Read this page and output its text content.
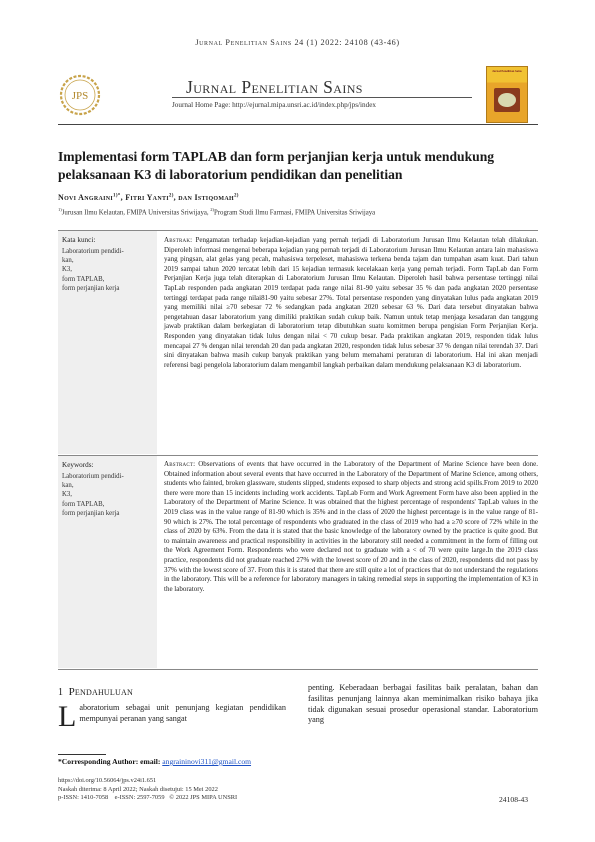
Jurnal Penelitian Sains 24 (1) 2022: 24108 (43-46)
JPS	Jurnal Penelitian Sains
Journal Home Page: http://ejurnal.mipa.unsri.ac.id/index.php/jps/index
Jurnal Penelitian Sains
Implementasi form TAPLAB dan form perjanjian kerja untuk mendukung
pelaksanaan K3 di laboratorium pendidikan dan penelitian
Novi Angraini$^{1)*}$, Fitri Yanti$^{2)}$, dan Istiqomah$^{2)}$
$^{1)}$Jurusan Ilmu Kelautan, FMIPA Universitas Sriwijaya, $^{2)}$Program Studi Ilmu Farmasi, FMIPA Universitas Sriwijaya
Kata kunci:
Laboratorium pendidi-
kan,
K3,
form TAPLAB,
form perjanjian kerja
Abstrak: Pengamatan terhadap kejadian-kejadian yang pernah terjadi di Laboratorium Jurusan Ilmu Kelautan telah dilakukan. Diperoleh informasi mengenai beberapa kejadian yang pernah terjadi di Laboratorium Jurusan Ilmu Kelautan antara lain mahasiswa yang pingsan, alat gelas yang pecah, mahasiswa terpeleset, mahasiswa terkena benda tajam dan tumpahan asam kuat. Dari tahun 2019 sampai tahun 2020 tercatat lebih dari 15 kejadian termasuk kecelakaan kerja yang pernah terjadi. Form TapLab dan Form Perjanjian Kerja juga telah diterapkan di Laboratorium Jurusan Ilmu Kelautan. Diperoleh hasil bahwa persentase tertinggi nilai TapLab responden pada angkatan 2019 terdapat pada range nilai 81-90 yaitu sebesar 35 % dan pada angkatan 2020 persentase tertinggi terdapat pada range nilai81-90 yaitu sebesar 27%. Total persentase responden yang dinyatakan lulus pada angkatan 2019 yang memiliki nilai ≥70 sebesar 72 % sedangkan pada angkatan 2020 sebesar 63 %. Dari data tersebut dinyatakan bahwa pengetahuan dasar laboratorium yang dimiliki praktikan sudah cukup baik. Namun untuk tetap menjaga kesadaran dan tanggung jawab praktikan dalam berkegiatan di laboratorium tetap dibutuhkan suatu komitmen berupa pengisian Form Perjanjian Kerja. Responden yang dinyatakan tidak lulus dengan nilai < 70 cukup besar. Pada praktikan angkatan 2019, responden tidak lulus mencapai 27 % dengan nilai terendah 20 dan pada angkatan 2020, responden tidak lulus sebesar 37 % dengan nilai terendah 37. Dari sini dinyatakan bahwa masih cukup banyak praktikan yang belum memahami peraturan di laboratorium. Hal ini akan menjadi referensi bagi pengelola laboratorium dalam mengambil langkah perbaikan dalam mendukung pelaksanaan K3 di laboratorium.
Keywords:
Laboratorium pendidi-
kan,
K3,
form TAPLAB,
form perjanjian kerja
Abstract: Observations of events that have occurred in the Laboratory of the Department of Marine Science have been done. Obtained information about several events that have occurred in the Laboratory of the Department of Marine Science, among others, students who fainted, broken glassware, students slipped, students exposed to sharp objects and strong acid spills.From 2019 to 2020 there were more than 15 incidents including work accidents. TapLab Form and Work Agreement Form have also been applied in the Laboratory of the Department of Marine Science. It was obtained that the highest percentage of respondents' TapLab values in the 2019 class was in the value range of 81-90 which is 35% and in the class of 2020 the highest percentage is in the value range of 81-90 which is 27%. The total percentage of respondents who graduated in the class of 2019 who had a ≥70 score of 72% while in the class of 2020 by 63%. From the data it is stated that the basic knowledge of the laboratory owned by the practice is quite good. But to maintain awareness and practical responsibility in activities in the laboratory still needed a commitment in the form of filling out the Work Agreement Form. Respondents who were declared not to graduate with a < of 70 were quite large.In the 2019 class practice, respondents did not graduate reached 27% with the lowest score of 20 and in the class of 2020, respondents did not pass by 37% with the lowest score of 37. From this it is stated that there are still quite a lot of practices that do not understand the regulations in the laboratory. This will be a reference for laboratory managers in taking remedial steps in supporting the implementation of K3 in the laboratory.
1 Pendahuluan
Laboratorium sebagai unit penunjang kegiatan pendidikan mempunyai peranan yang sangat
penting. Keberadaan berbagai fasilitas baik peralatan, bahan dan fasilitas penunjang lainnya akan meminimalkan risiko bahaya jika tidak digunakan sesuai prosedur operasional standar. Laboratorium yang
*Corresponding Author: email: angraininovi311@gmail.com
https://doi.org/10.56064/jps.v24i1.651
Naskah diterima: 8 April 2022; Naskah disetujui: 15 Mei 2022
p-ISSN: 1410-7058    e-ISSN: 2597-7059   © 2022 JPS MIPA UNSRI	24108-43
